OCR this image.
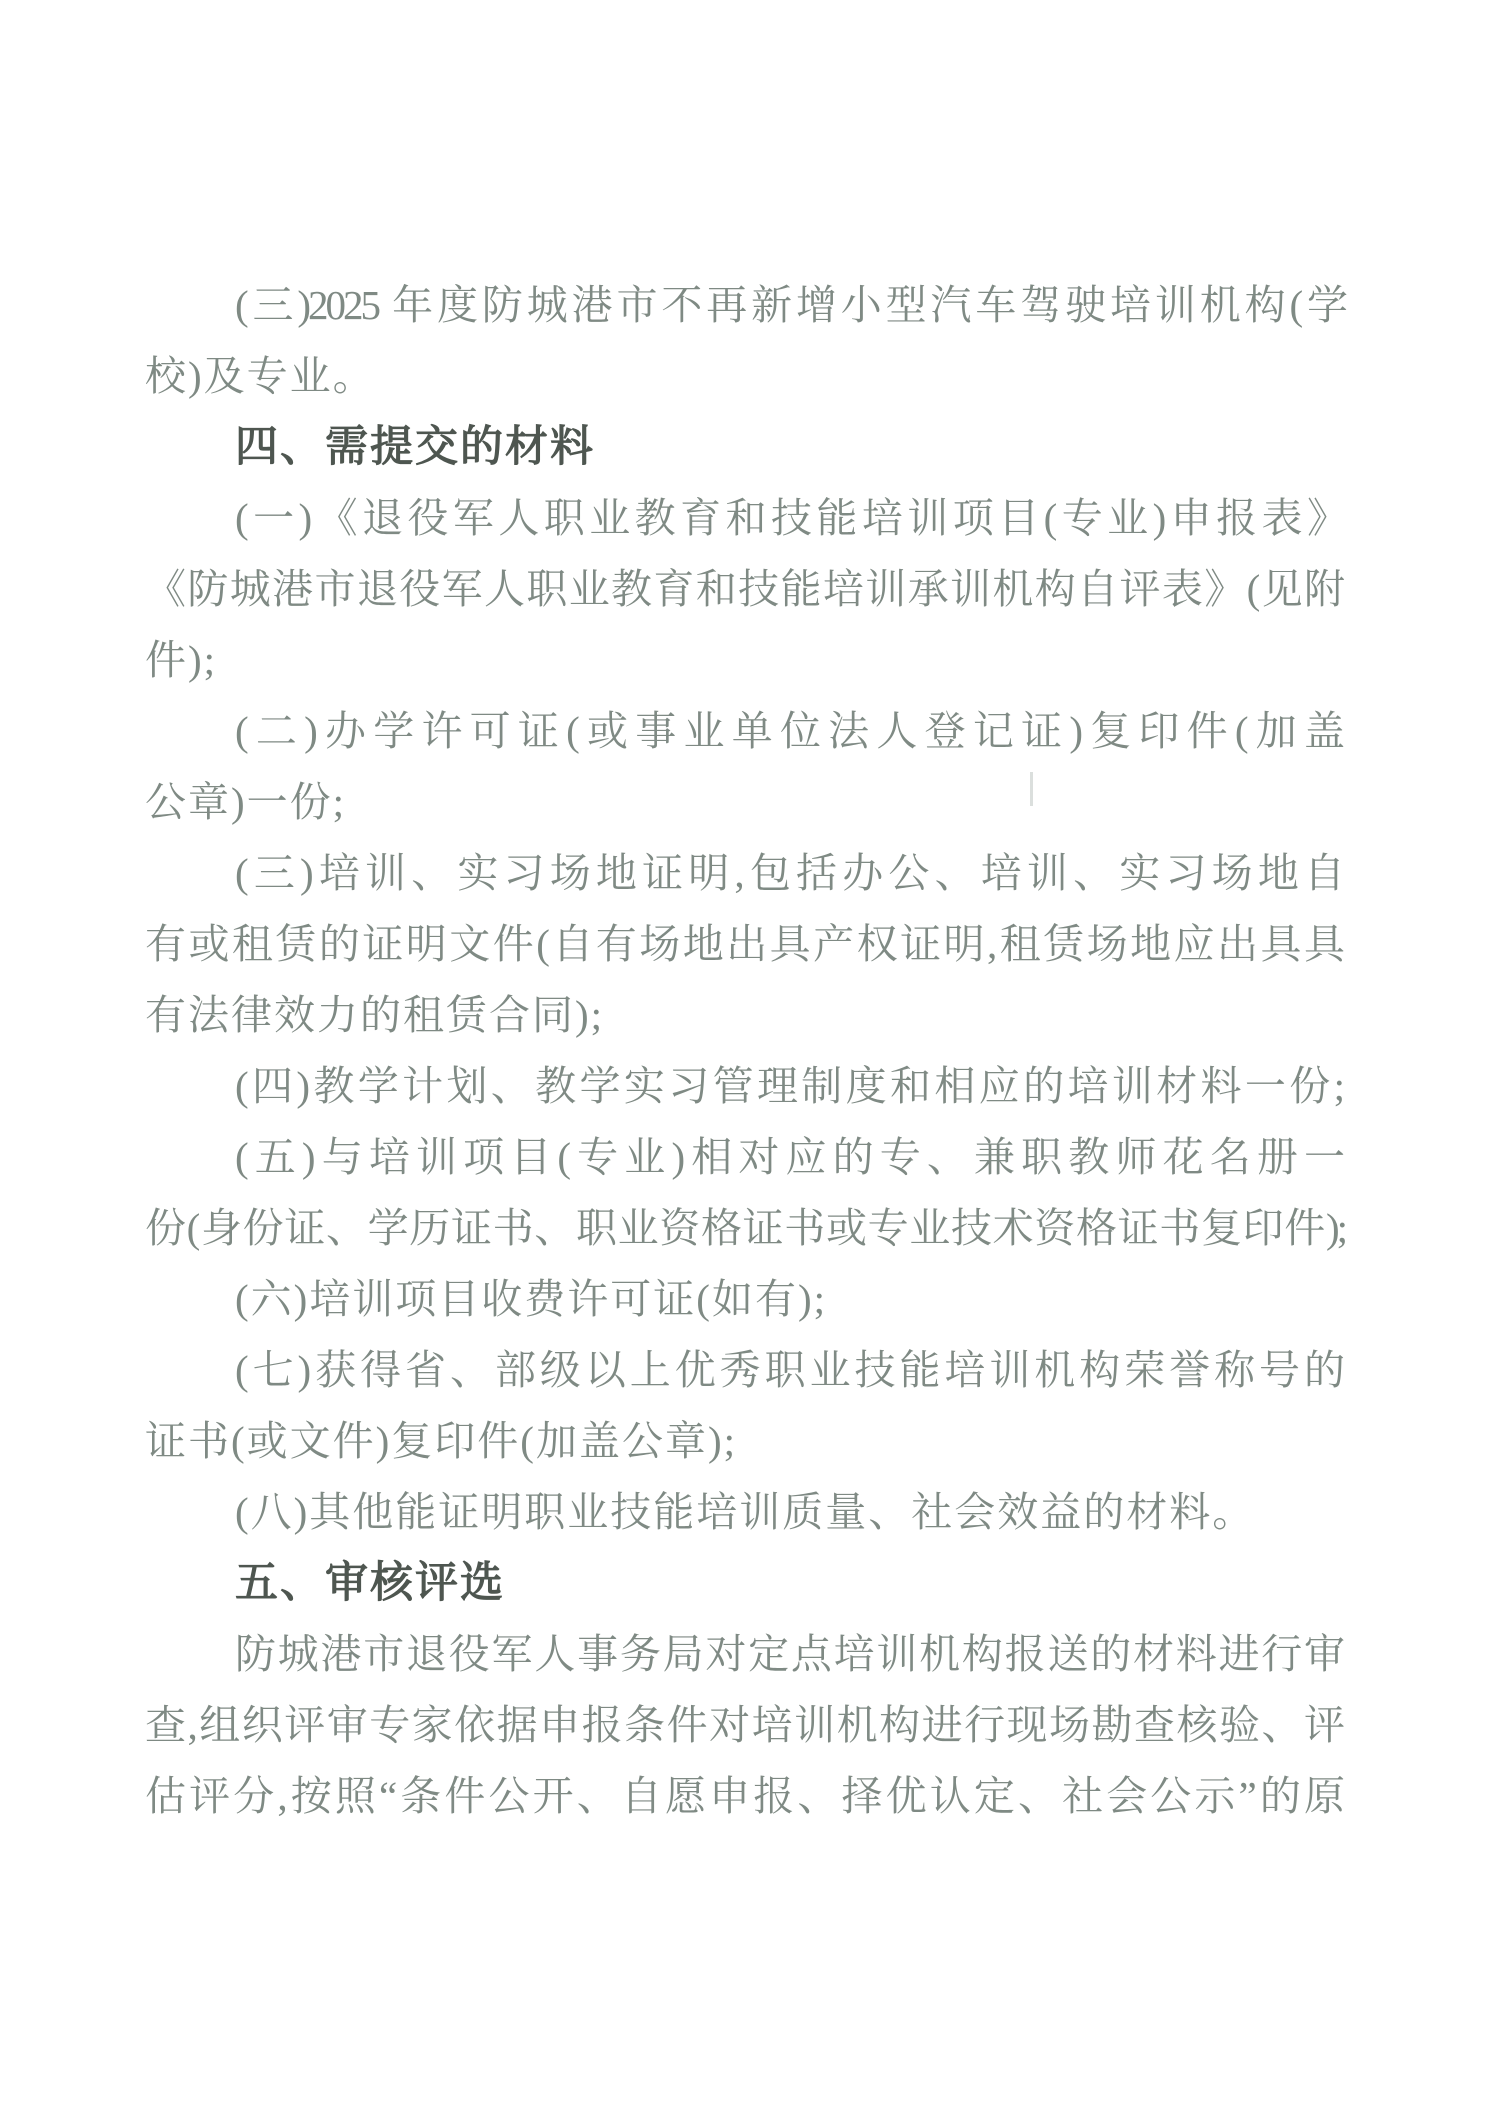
(三)2025 年度防城港市不再新增小型汽车驾驶培训机构(学
校)及专业。
四、需提交的材料
(一)《退役军人职业教育和技能培训项目(专业)申报表》
《防城港市退役军人职业教育和技能培训承训机构自评表》(见附
件);
(二)办学许可证(或事业单位法人登记证)复印件(加盖
公章)一份;
(三)培训、实习场地证明,包括办公、培训、实习场地自
有或租赁的证明文件(自有场地出具产权证明,租赁场地应出具具
有法律效力的租赁合同);
(四)教学计划、教学实习管理制度和相应的培训材料一份;
(五)与培训项目(专业)相对应的专、兼职教师花名册一
份(身份证、学历证书、职业资格证书或专业技术资格证书复印件);
(六)培训项目收费许可证(如有);
(七)获得省、部级以上优秀职业技能培训机构荣誉称号的
证书(或文件)复印件(加盖公章);
(八)其他能证明职业技能培训质量、社会效益的材料。
五、审核评选
防城港市退役军人事务局对定点培训机构报送的材料进行审
查,组织评审专家依据申报条件对培训机构进行现场勘查核验、评
估评分,按照“条件公开、自愿申报、择优认定、社会公示”的原
